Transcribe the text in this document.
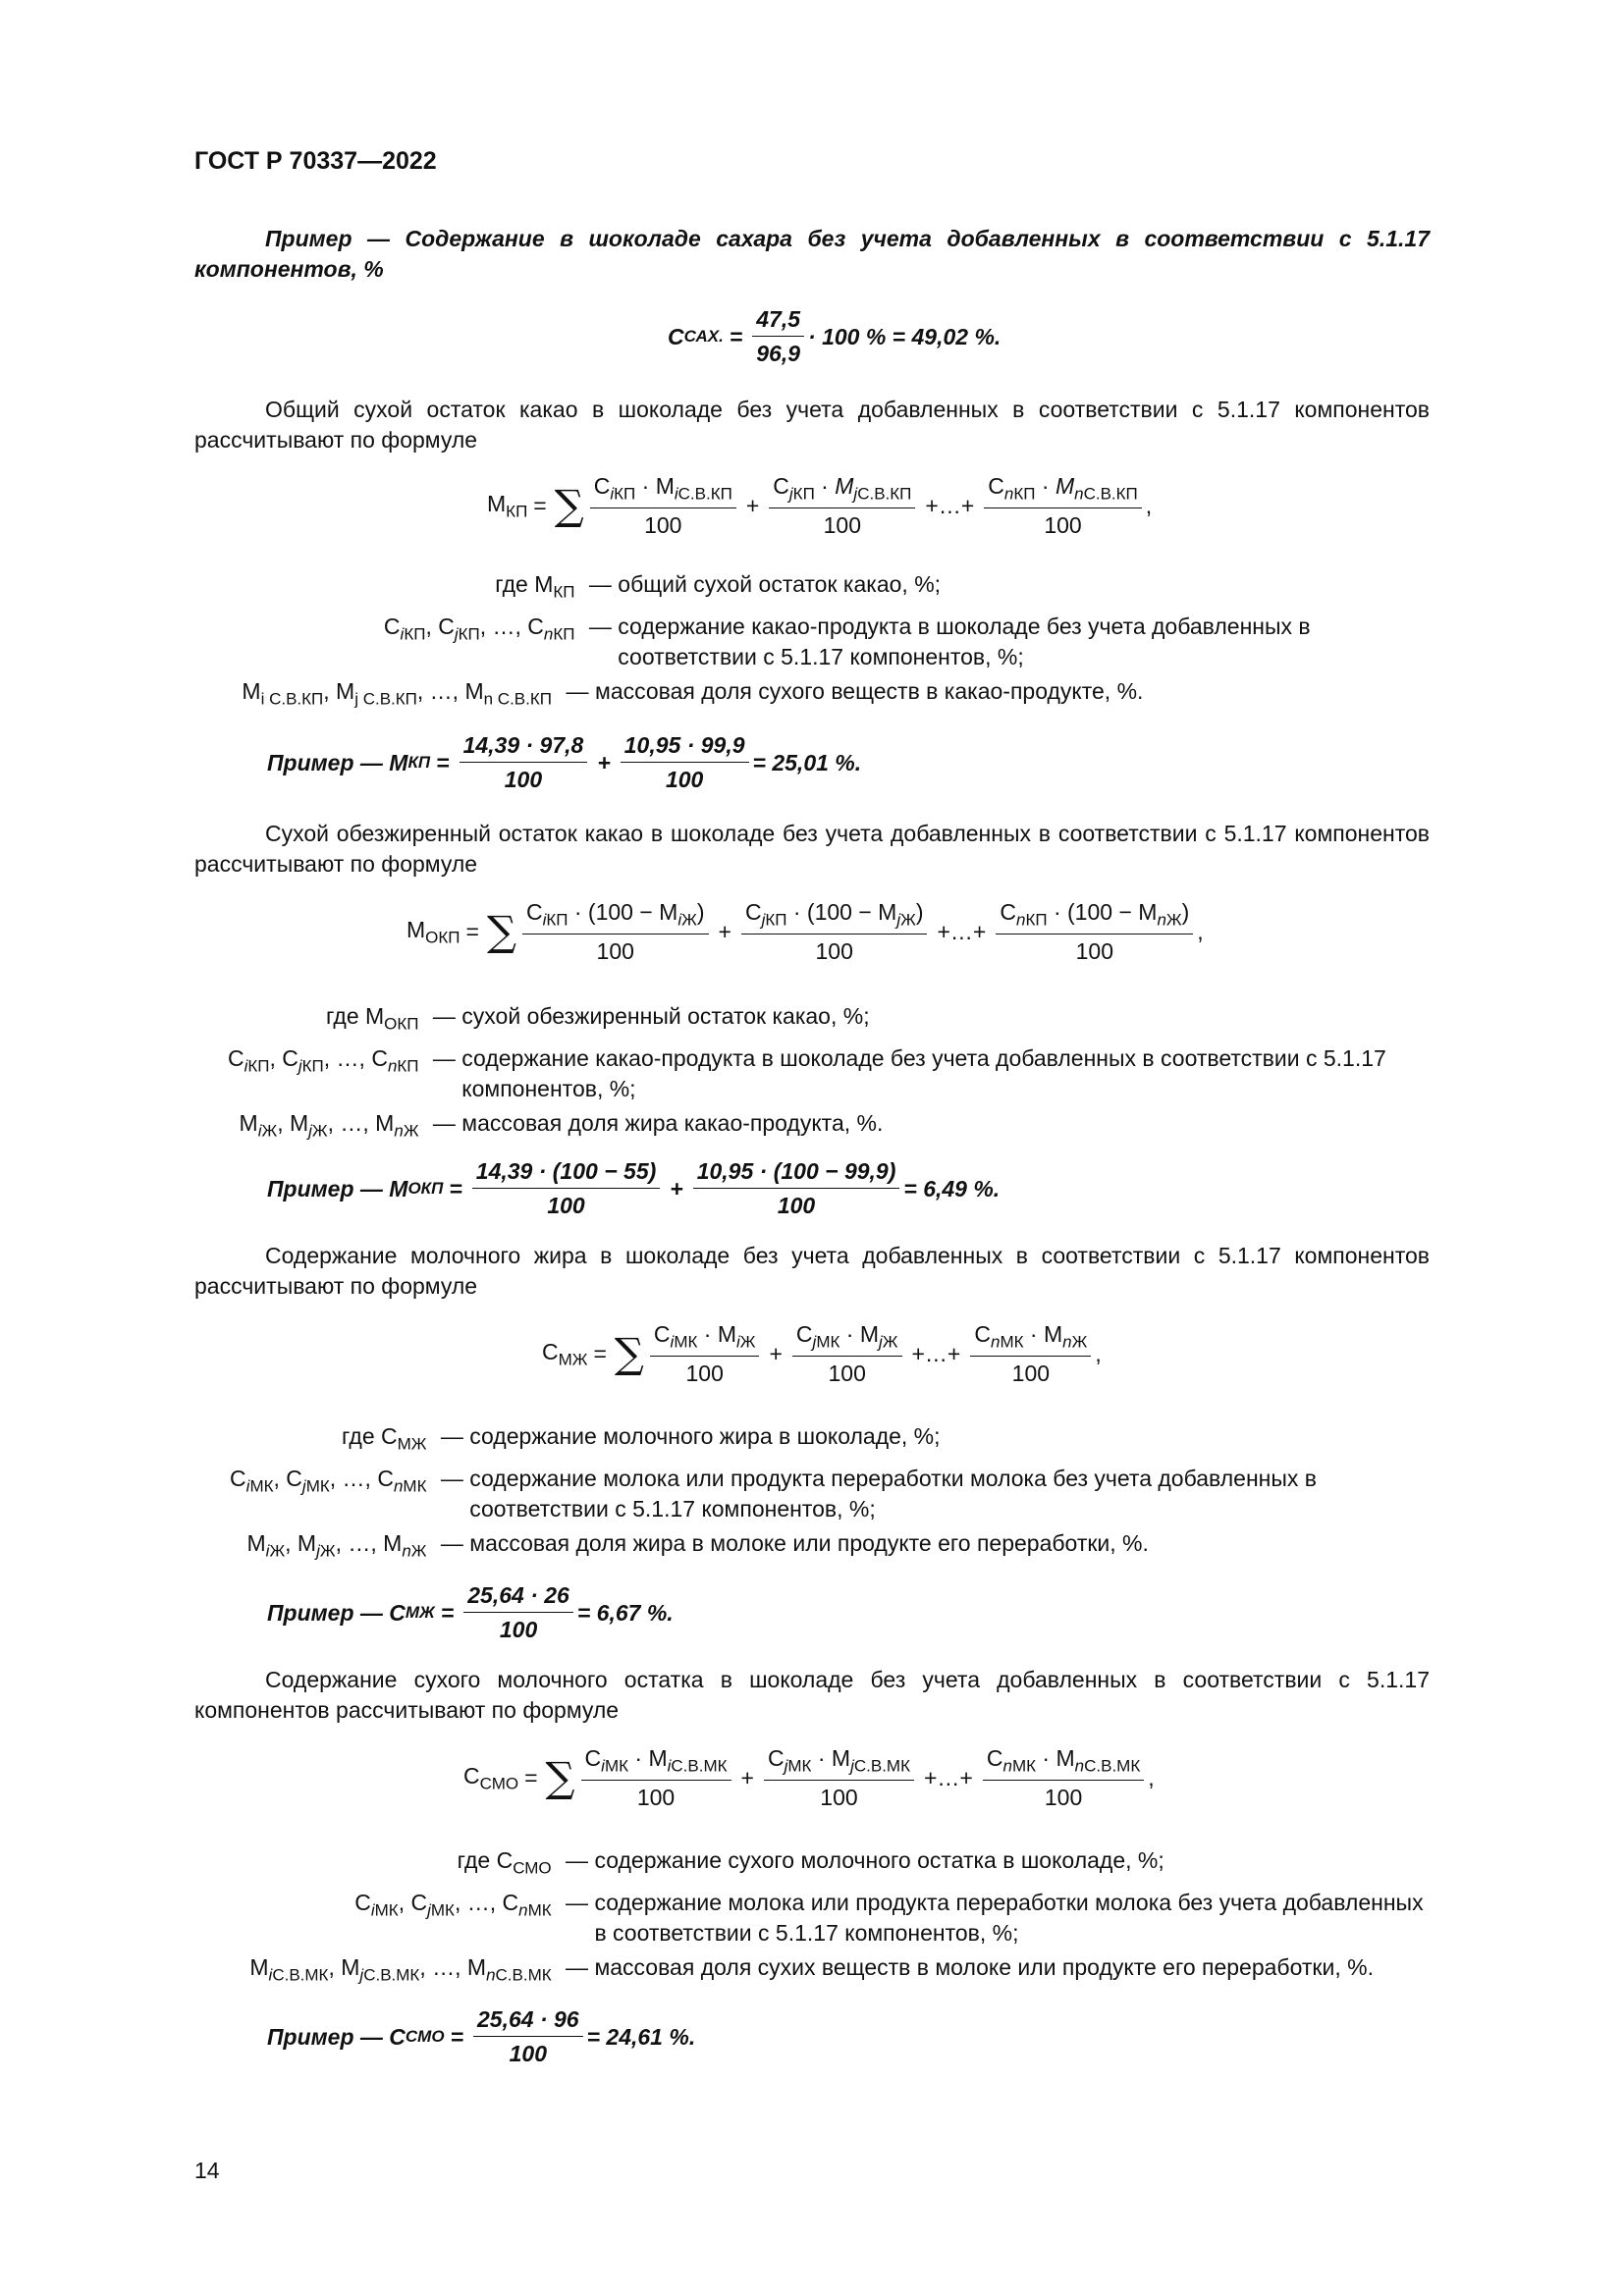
ГОСТ Р 70337—2022
Пример — Содержание в шоколаде сахара без учета добавленных в соответствии с 5.1.17 компонентов, %
C САХ. = $\frac{47,5}{96,9} \cdot 100$ % = 49,02 %.
Общий сухой остаток какао в шоколаде без учета добавленных в соответствии с 5.1.17 компонентов рассчитывают по формуле
$M_{КП}$ = ∑ $\frac{C_{iКП} \cdot M_{iС.В.КП}}{100} + \frac{C_{jКП} \cdot M_{jС.В.КП}}{100}$ +…+ $\frac{C_{nКП} \cdot M_{nС.В.КП}}{100}$ ,
где $M_{КП}$ — общий сухой остаток какао, %;
$C_{iКП}$, $C_{jКП}$, …, $C_{nКП}$ — содержание какао-продукта в шоколаде без учета добавленных в соответствии с 5.1.17 компонентов, %;
$M_{i С.В.КП}$, $M_{j С.В.КП}$, …, $M_{n С.В.КП}$ — массовая доля сухого веществ в какао-продукте, %.
Пример — M КП = $\frac{14,39 \cdot 97,8}{100} + \frac{10,95 \cdot 99,9}{100} = 25,01$ %.
Сухой обезжиренный остаток какао в шоколаде без учета добавленных в соответствии с 5.1.17 компонентов рассчитывают по формуле
$M_{ОКП}$ = ∑ $\frac{C_{iКП} \cdot (100 - M_{iЖ})}{100} + \frac{C_{jКП} \cdot (100 - M_{jЖ})}{100}$ +…+ $\frac{C_{nКП} \cdot (100 - M_{nЖ})}{100}$ ,
где $M_{ОКП}$ — сухой обезжиренный остаток какао, %;
$C_{iКП}$, $C_{jКП}$, …, $C_{nКП}$ — содержание какао-продукта в шоколаде без учета добавленных в соответствии с 5.1.17 компонентов, %;
$M_{iЖ}$, $M_{jЖ}$, …, $M_{nЖ}$ — массовая доля жира какао-продукта, %.
Пример — M ОКП = $\frac{14,39 \cdot (100 - 55)}{100} + \frac{10,95 \cdot (100 - 99,9)}{100} = 6,49$ %.
Содержание молочного жира в шоколаде без учета добавленных в соответствии с 5.1.17 компонентов рассчитывают по формуле
$C_{МЖ}$ = ∑ $\frac{C_{iМК} \cdot M_{iЖ}}{100} + \frac{C_{jМК} \cdot M_{jЖ}}{100}$ +…+ $\frac{C_{nМК} \cdot M_{nЖ}}{100}$ ,
где $C_{МЖ}$ — содержание молочного жира в шоколаде, %;
$C_{iМК}$, $C_{jМК}$, …, $C_{nМК}$ — содержание молока или продукта переработки молока без учета добавленных в соответствии с 5.1.17 компонентов, %;
$M_{iЖ}$, $M_{jЖ}$, …, $M_{nЖ}$ — массовая доля жира в молоке или продукте его переработки, %.
Пример — C МЖ = $\frac{25,64 \cdot 26}{100} = 6,67$ %.
Содержание сухого молочного остатка в шоколаде без учета добавленных в соответствии с 5.1.17 компонентов рассчитывают по формуле
$C_{СМО}$ = ∑ $\frac{C_{iМК} \cdot M_{iС.В.МК}}{100} + \frac{C_{jМК} \cdot M_{jС.В.МК}}{100}$ +…+ $\frac{C_{nМК} \cdot M_{nС.В.МК}}{100}$ ,
где $C_{СМО}$ — содержание сухого молочного остатка в шоколаде, %;
$C_{iМК}$, $C_{jМК}$, …, $C_{nМК}$ — содержание молока или продукта переработки молока без учета добавленных в соответствии с 5.1.17 компонентов, %;
$M_{iС.В.МК}$, $M_{jС.В.МК}$, …, $M_{nС.В.МК}$ — массовая доля сухих веществ в молоке или продукте его переработки, %.
Пример — C СМО = $\frac{25,64 \cdot 96}{100} = 24,61$ %.
14
